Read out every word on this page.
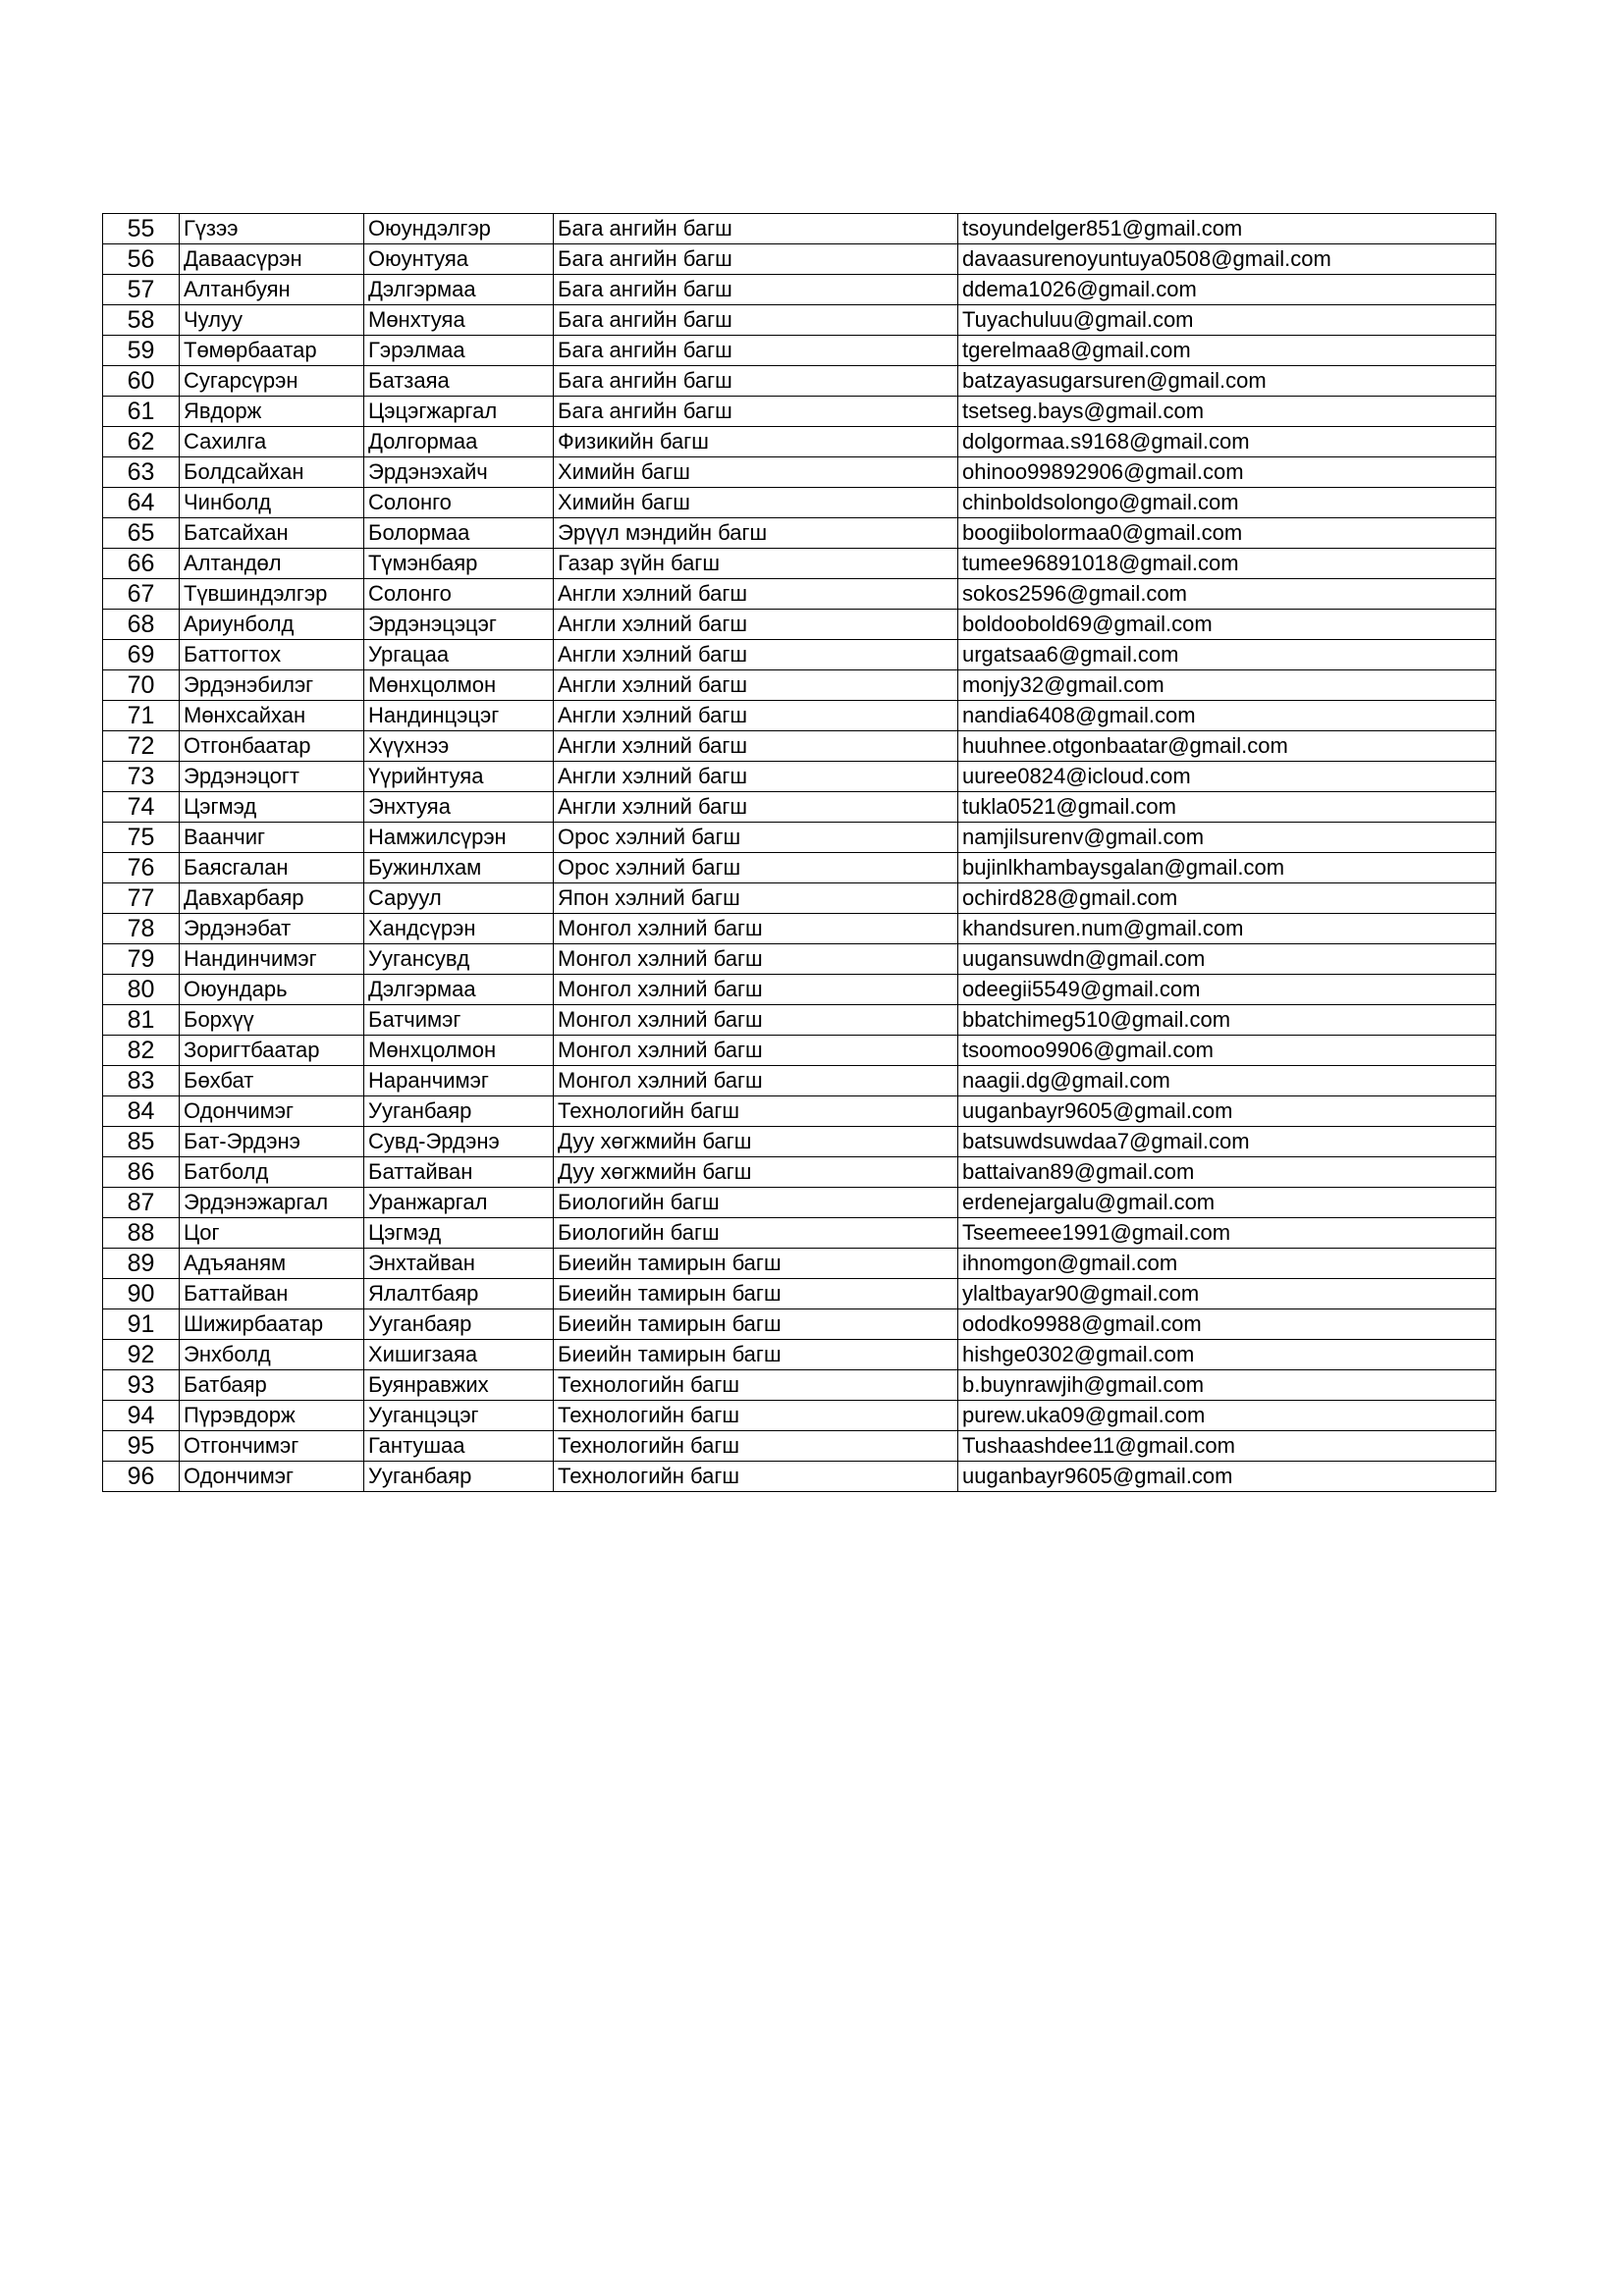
55	Гүзээ	Оюундэлгэр	Бага ангийн багш	tsoyundelger851@gmail.com
56	Даваасүрэн	Оюунтуяа	Бага ангийн багш	davaasurenoyuntuya0508@gmail.com
57	Алтанбуян	Дэлгэрмаа	Бага ангийн багш	ddema1026@gmail.com
58	Чулуу	Мөнхтуяа	Бага ангийн багш	Tuyachuluu@gmail.com
59	Төмөрбаатар	Гэрэлмаа	Бага ангийн багш	tgerelmaa8@gmail.com
60	Сугарсүрэн	Батзаяа	Бага ангийн багш	batzayasugarsuren@gmail.com
61	Явдорж	Цэцэгжаргал	Бага ангийн багш	tsetseg.bays@gmail.com
62	Сахилга	Долгормаа	Физикийн багш	dolgormaa.s9168@gmail.com
63	Болдсайхан	Эрдэнэхайч	Химийн багш	ohinoo99892906@gmail.com
64	Чинболд	Солонго	Химийн багш	chinboldsolongo@gmail.com
65	Батсайхан	Болормаа	Эрүүл мэндийн багш	boogiibolormaa0@gmail.com
66	Алтандөл	Түмэнбаяр	Газар зүйн багш	tumee96891018@gmail.com
67	Түвшиндэлгэр	Солонго	Англи хэлний багш	sokos2596@gmail.com
68	Ариунболд	Эрдэнэцэцэг	Англи хэлний багш	boldoobold69@gmail.com
69	Баттогтох	Ургацаа	Англи хэлний багш	urgatsaa6@gmail.com
70	Эрдэнэбилэг	Мөнхцолмон	Англи хэлний багш	monjy32@gmail.com
71	Мөнхсайхан	Нандинцэцэг	Англи хэлний багш	nandia6408@gmail.com
72	Отгонбаатар	Хүүхнээ	Англи хэлний багш	huuhnee.otgonbaatar@gmail.com
73	Эрдэнэцогт	Үүрийнтуяа	Англи хэлний багш	uuree0824@icloud.com
74	Цэгмэд	Энхтуяа	Англи хэлний багш	tukla0521@gmail.com
75	Ваанчиг	Намжилсүрэн	Орос хэлний багш	namjilsurenv@gmail.com
76	Баясгалан	Бужинлхам	Орос хэлний багш	bujinlkhambaysgalan@gmail.com
77	Давхарбаяр	Саруул	Япон хэлний багш	ochird828@gmail.com
78	Эрдэнэбат	Хандсүрэн	Монгол хэлний багш	khandsuren.num@gmail.com
79	Нандинчимэг	Уугансувд	Монгол хэлний багш	uugansuwdn@gmail.com
80	Оюундарь	Дэлгэрмаа	Монгол хэлний багш	odeegii5549@gmail.com
81	Борхүү	Батчимэг	Монгол хэлний багш	bbatchimeg510@gmail.com
82	Зоригтбаатар	Мөнхцолмон	Монгол хэлний багш	tsoomoo9906@gmail.com
83	Бөхбат	Наранчимэг	Монгол хэлний багш	naagii.dg@gmail.com
84	Одончимэг	Ууганбаяр	Технологийн багш	uuganbayr9605@gmail.com
85	Бат-Эрдэнэ	Сувд-Эрдэнэ	Дуу хөгжмийн багш	batsuwdsuwdaa7@gmail.com
86	Батболд	Баттайван	Дуу хөгжмийн багш	battaivan89@gmail.com
87	Эрдэнэжаргал	Уранжаргал	Биологийн багш	erdenejargalu@gmail.com
88	Цог	Цэгмэд	Биологийн багш	Tseemeee1991@gmail.com
89	Адъяаням	Энхтайван	Биеийн тамирын багш	ihnomgon@gmail.com
90	Баттайван	Ялалтбаяр	Биеийн тамирын багш	ylaltbayar90@gmail.com
91	Шижирбаатар	Ууганбаяр	Биеийн тамирын багш	ododko9988@gmail.com
92	Энхболд	Хишигзаяа	Биеийн тамирын багш	hishge0302@gmail.com
93	Батбаяр	Буянравжих	Технологийн багш	b.buynrawjih@gmail.com
94	Пүрэвдорж	Ууганцэцэг	Технологийн багш	purew.uka09@gmail.com
95	Отгончимэг	Гантушаа	Технологийн багш	Tushaashdee11@gmail.com
96	Одончимэг	Ууганбаяр	Технологийн багш	uuganbayr9605@gmail.com
